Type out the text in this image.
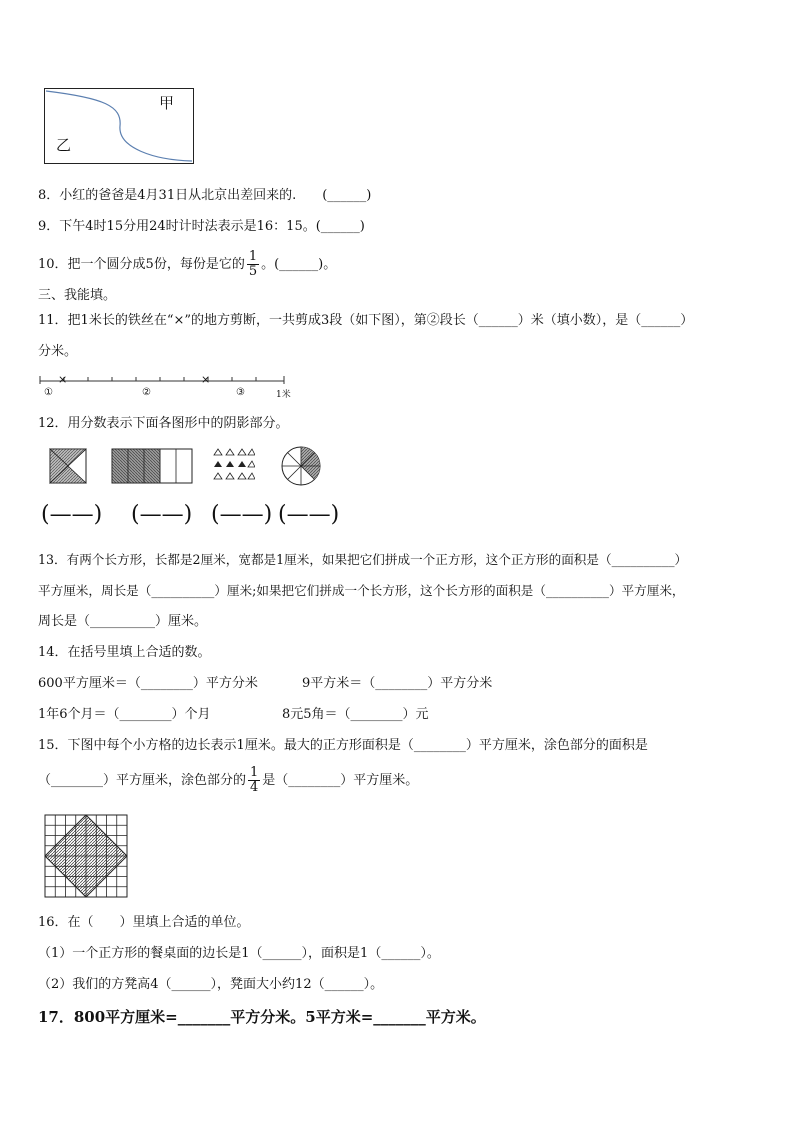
甲
乙
8．小红的爸爸是4月31日从北京出差回来的.　　(______)
9．下午4时15分用24时计时法表示是16：15。(______)
10．把一个圆分成5份，每份是它的 $\frac{1}{5}$ 。(______)。
三、我能填。
11．把1米长的铁丝在“×”的地方剪断，一共剪成3段（如下图），第②段长（______）米（填小数），是（______）
分米。
×	×
①	②	③	1米
12．用分数表示下面各图形中的阴影部分。
(——) (——) (——) (——)
13．有两个长方形，长都是2厘米，宽都是1厘米，如果把它们拼成一个正方形，这个正方形的面积是（__________）
平方厘米，周长是（__________）厘米;如果把它们拼成一个长方形，这个长方形的面积是（__________）平方厘米，
周长是（__________）厘米。
14．在括号里填上合适的数。
600平方厘米＝（________）平方分米	9平方米＝（________）平方分米
1年6个月＝（________）个月	8元5角＝（________）元
15．下图中每个小方格的边长表示1厘米。最大的正方形面积是（________）平方厘米，涂色部分的面积是
（________）平方厘米，涂色部分的 $\frac{1}{4}$ 是（________）平方厘米。
16．在（　　）里填上合适的单位。
（1）一个正方形的餐桌面的边长是1（______），面积是1（______）。
（2）我们的方凳高4（______），凳面大小约12（______）。
17．800平方厘米=_______平方分米。5平方米=_______平方米。
